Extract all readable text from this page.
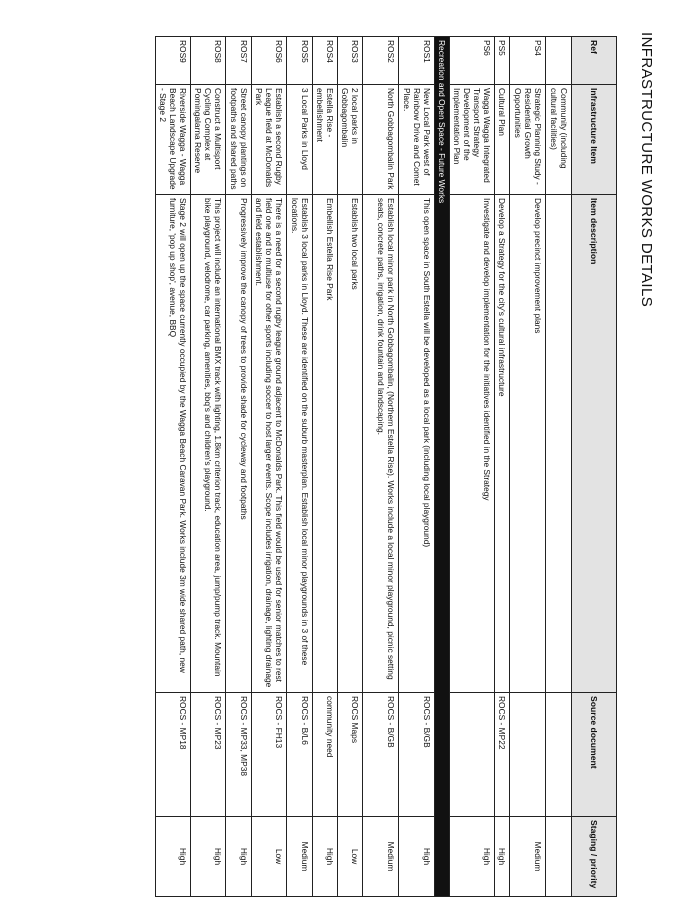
INFRASTRUCTURE WORKS DETAILS
Ref	Infrastructure Item	Item description	Source document	Staging / priority
	Community (including cultural facilities)			
PS4	Strategic Planning Study - Residential Growth Opportunities	Develop precinct improvement plans		Medium
PS5	Cultural Plan	Develop a Strategy for the city's cultural infrastructure	ROCS - MP22	High
PS6	Wagga Wagga Integrated Transport Strategy Development of the Implementation Plan	Investigate and develop implementation for the initiatives identified in the Strategy		High
Recreation and Open Space - Future Works				
ROS1	New Local Park west of Rainbow Drive and Comet Place.	This open space in South Estella will be developed as a local park (including local playground)	ROCS - B/GB	High
ROS2	North Gobbagombalin Park	Establish local minor park in North Gobbagombalin, (Northern Estella Rise). Works include a local minor playground, picnic setting seats, concrete paths, irrigation, drink fountain and landscaping.	ROCS - B/GB	Medium
ROS3	2 local parks in Gobbagombalin	Establish two local parks	ROCS Maps	Low
ROS4	Estella Rise - embellishment	Embellish Estella Rise Park	community need	High
ROS5	3 Local Parks in Lloyd	Establish 3 local parks in Lloyd. These are identified on the suburb masterplan. Establish local minor playgrounds in 3 of these locations.	ROCS - B/L6	Medium
ROS6	Establish a second Rugby League field at McDonalds Park	There is a need for a second rugby league ground adjacent to McDonalds Park. This field would be used for senior matches to rest field one and to multiuse for other sports including soccer to host larger events. Scope includes irrigation, drainage, lighting drainage and field establishment.	ROCS - FH13	Low
ROS7	Street canopy plantings on footpaths and shared paths	Progressively improve the canopy of trees to provide shade for cycleway and footpaths	ROCS - MP33, MP38	High
ROS8	Construct a Multisport Cycling Complex at Pomingalarna Reserve	This project will include an international BMX track with lighting, 1.8km criterion track, education area, jump/pump track. Mountain bike playground, velodrome, car parking, amenities, bbq's and children's playground.	ROCS - MP23	High
ROS9	Riverside Wagga - Wagga Beach Landscape Upgrade - Stage 2	Stage 2 will open up the space currently occupied by the Wagga Beach Caravan Park. Works include 3m wide shared path, new furniture, 'pop up shop', avenue, BBQ	ROCS - MP18	High
